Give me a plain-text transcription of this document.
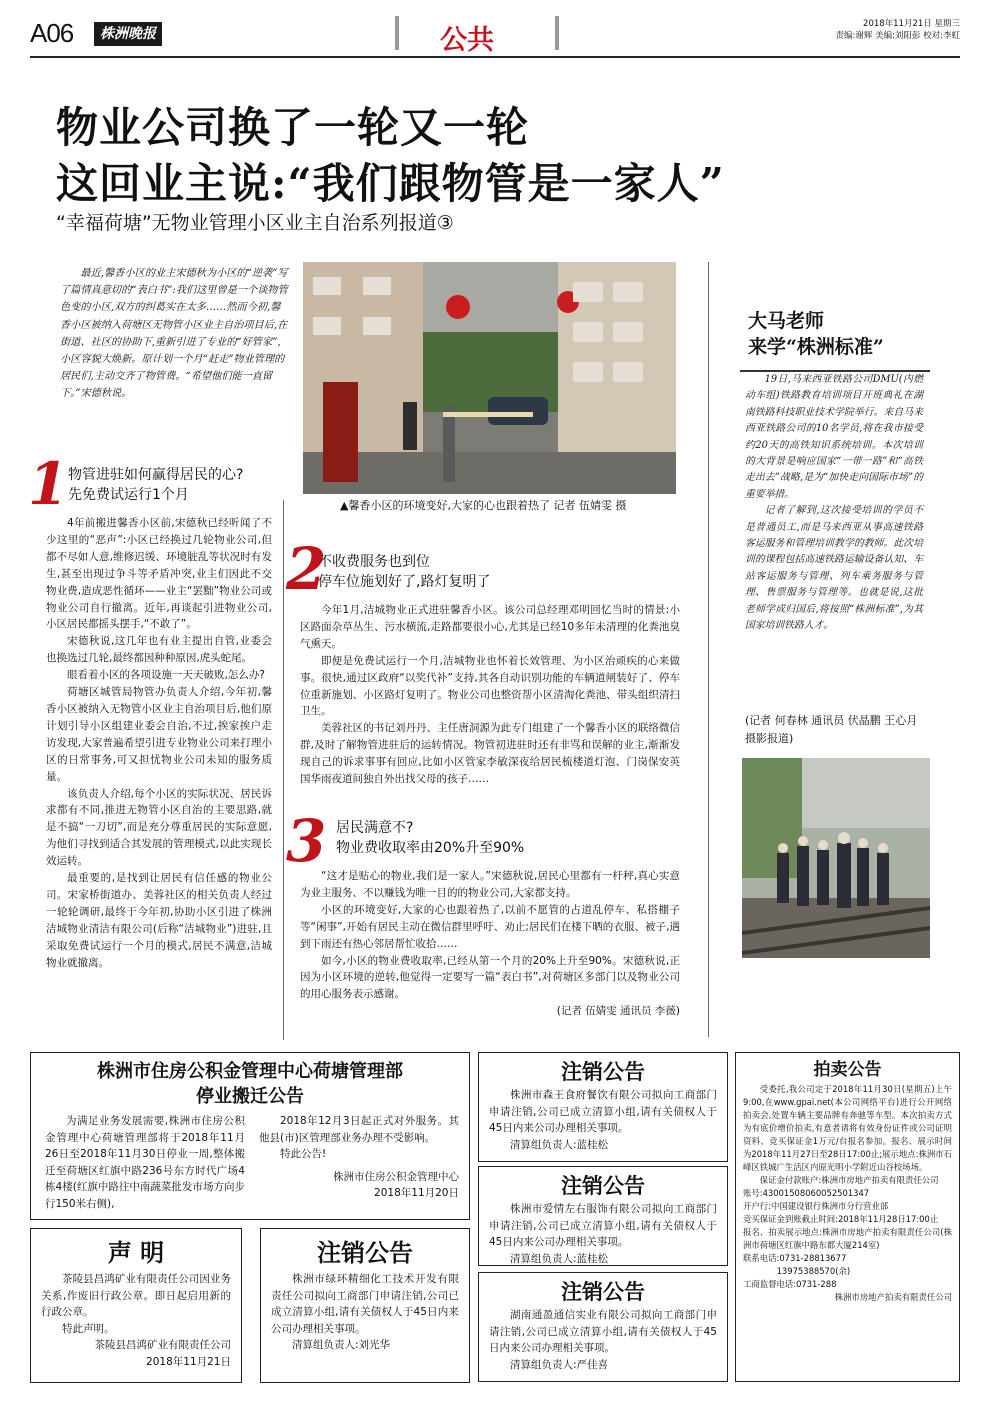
A06	株洲晚报	公共
2018年11月21日 星期三
责编:谢辉 美编:刘阳彭 校对:李虹
物业公司换了一轮又一轮
这回业主说:“我们跟物管是一家人”
“幸福荷塘”无物业管理小区业主自治系列报道③

最近,馨香小区的业主宋德秋为小区的“逆袭”写了篇情真意切的“表白书”:我们这里曾是一个谈物管色变的小区,双方的纠葛实在太多……然而今初,馨香小区被纳入荷塘区无物管小区业主自治项目后,在街道、社区的协助下,重新引进了专业的“好管家”,小区容貌大焕新。原计划一个月“赶走”物业管理的居民们,主动交齐了物管费。“希望他们能一直留下。”宋德秋说。

▲馨香小区的环境变好,大家的心也跟着热了 记者 伍婧雯 摄
1 物管进驻如何赢得居民的心?
先免费试运行1个月

4年前搬进馨香小区前,宋德秋已经听闻了不少这里的“恶声”:小区已经换过几轮物业公司,但都不尽如人意,维修迟缓、环境脏乱等状况时有发生,甚至出现过争斗等矛盾冲突,业主们因此不交物业费,造成恶性循环——业主“罢黜”物业公司或物业公司自行撤离。近年,再谈起引进物业公司,小区居民都摇头摆手,“不敢了”。

宋德秋说,这几年也有业主提出自管,业委会也换选过几轮,最终都因种种原因,虎头蛇尾。

眼看着小区的各项设施一天天破败,怎么办?

荷塘区城管局物管办负责人介绍,今年初,馨香小区被纳入无物管小区业主自治项目后,他们原计划引导小区组建业委会自治,不过,挨家挨户走访发现,大家普遍希望引进专业物业公司来打理小区的日常事务,可又担忧物业公司未知的服务质量。

该负责人介绍,每个小区的实际状况、居民诉求都有不同,推进无物管小区自治的主要思路,就是不搞“一刀切”,而是充分尊重居民的实际意愿,为他们寻找到适合其发展的管理模式,以此实现长效运转。

最重要的,是找到让居民有信任感的物业公司。宋家桥街道办、美蓉社区的相关负责人经过一轮轮调研,最终于今年初,协助小区引进了株洲洁城物业清洁有限公司(后称“洁城物业”)进驻,且采取免费试运行一个月的模式,居民不满意,洁城物业就撤离。

2
不收费服务也到位
停车位施划好了,路灯复明了

今年1月,洁城物业正式进驻馨香小区。该公司总经理邓明回忆当时的情景:小区路面杂草丛生、污水横流,走路都要很小心,尤其是已经10多年未清理的化粪池臭气熏天。

即便是免费试运行一个月,洁城物业也怀着长效管理、为小区治顽疾的心来做事。很快,通过区政府“以奖代补”支持,其各自动识别功能的车辆道闸装好了、停车位重新施划、小区路灯复明了。物业公司也整资帮小区清淘化粪池、带头组织清扫卫生。

美蓉社区的书记刘丹丹、主任唐洞源为此专门组建了一个馨香小区的联络微信群,及时了解物管进驻后的运转情况。物管初进驻时还有非骂和误解的业主,渐渐发现自己的诉求事事有回应,比如小区管家李敏深夜给居民梳楼道灯泡、门岗保安英国华雨夜道间独自外出找父母的孩子……

3 居民满意不?
物业费收取率由20%升至90%

“这才是贴心的物业,我们是一家人。”宋德秋说,居民心里都有一杆秤,真心实意为业主服务、不以赚钱为唯一目的的物业公司,大家都支持。

小区的环境变好,大家的心也跟着热了,以前不愿管的占道乱停车、私搭棚子等“闲事”,开始有居民主动在微信群里呼吁、劝止;居民们在楼下晒的衣服、被子,遇到下雨还有热心邻居帮忙收拾……

如今,小区的物业费收取率,已经从第一个月的20%上升至90%。宋德秋说,正因为小区环境的逆转,他觉得一定要写一篇“表白书”,对荷塘区多部门以及物业公司的用心服务表示感谢。

(记者 伍婧雯 通讯员 李薇)
大马老师
来学“株洲标准”

19日,马来西亚铁路公司DMU(内燃动车组)铁路教育培训项目开班典礼在湖南铁路科技职业技术学院举行。来自马来西亚铁路公司的10名学员,将在我市接受约20天的高铁知识系统培训。本次培训的大背景是响应国家“一带一路”和“高铁走出去”战略,是为“加快走向国际市场”的重要举措。

记者了解到,这次接受培训的学员不是普通员工,而是马来西亚从事高速铁路客运服务和管理培训教学的教师。此次培训的课程包括高速铁路运输设备认知、车站客运服务与管理、列车乘务服务与管理、售票服务与管理等。也就是说,这批老师学成归国后,将按照“株洲标准”,为其国家培训铁路人才。

(记者 何春林 通讯员 伏晶鹏 王心月 摄影报道)
株洲市住房公积金管理中心荷塘管理部
停业搬迁公告

为满足业务发展需要,株洲市住房公积金管理中心荷塘管理部将于2018年11月26日至2018年11月30日停业一周,整体搬迁至荷塘区红旗中路236号东方时代广场4栋4楼(红旗中路往中南蔬菜批发市场方向步行150米右侧),

2018年12月3日起正式对外服务。其他县(市)区管理部业务办理不受影响。

特此公告!

株洲市住房公积金管理中心
2018年11月20日
声 明

茶陵县昌鸿矿业有限责任公司因业务关系,作废旧行政公章。即日起启用新的行政公章。

特此声明。

茶陵县昌鸿矿业有限责任公司
2018年11月21日
注销公告

株洲市绿环精细化工技术开发有限责任公司拟向工商部门申请注销,公司已成立清算小组,请有关债权人于45日内来公司办理相关事项。

清算组负责人:刘光华

注销公告

株洲市森王食府餐饮有限公司拟向工商部门申请注销,公司已成立清算小组,请有关债权人于45日内来公司办理相关事项。

清算组负责人:蓝桂松

注销公告

株洲市爱情左右服饰有限公司拟向工商部门申请注销,公司已成立清算小组,请有关债权人于45日内来公司办理相关事项。

清算组负责人:蓝桂松

注销公告

湖南通盈通信实业有限公司拟向工商部门申请注销,公司已成立清算小组,请有关债权人于45日内来公司办理相关事项。

清算组负责人:严佳喜

拍卖公告

受委托,我公司定于2018年11月30日(星期五)上午9:00,在www.gpai.net(本公司网络平台)进行公开网络拍卖会,处置车辆主要品牌有奔驰等车型。本次拍卖方式为有底价增价拍卖,有意者请将有效身份证件或公司证明资料、竞买保证金1万元/台报名参加。报名、展示时间为2018年11月27日至28日17:00止;展示地点:株洲市石峰区铁城广生活区内原光明小学附近山谷校场场。

保证金付款账户:株洲市房地产拍卖有限责任公司

账号:43001508060052501347
开户行:中国建设银行株洲市分行营业部
竞买保证金到账截止时间:2018年11月28日17:00止
报名、拍卖展示地点:株洲市房地产拍卖有限责任公司(株洲市荷塘区红旗中路东都大厦214室)
联系电话:0731-28813677
13975388570(余)
工商监督电话:0731-288
株洲市房地产拍卖有限责任公司
